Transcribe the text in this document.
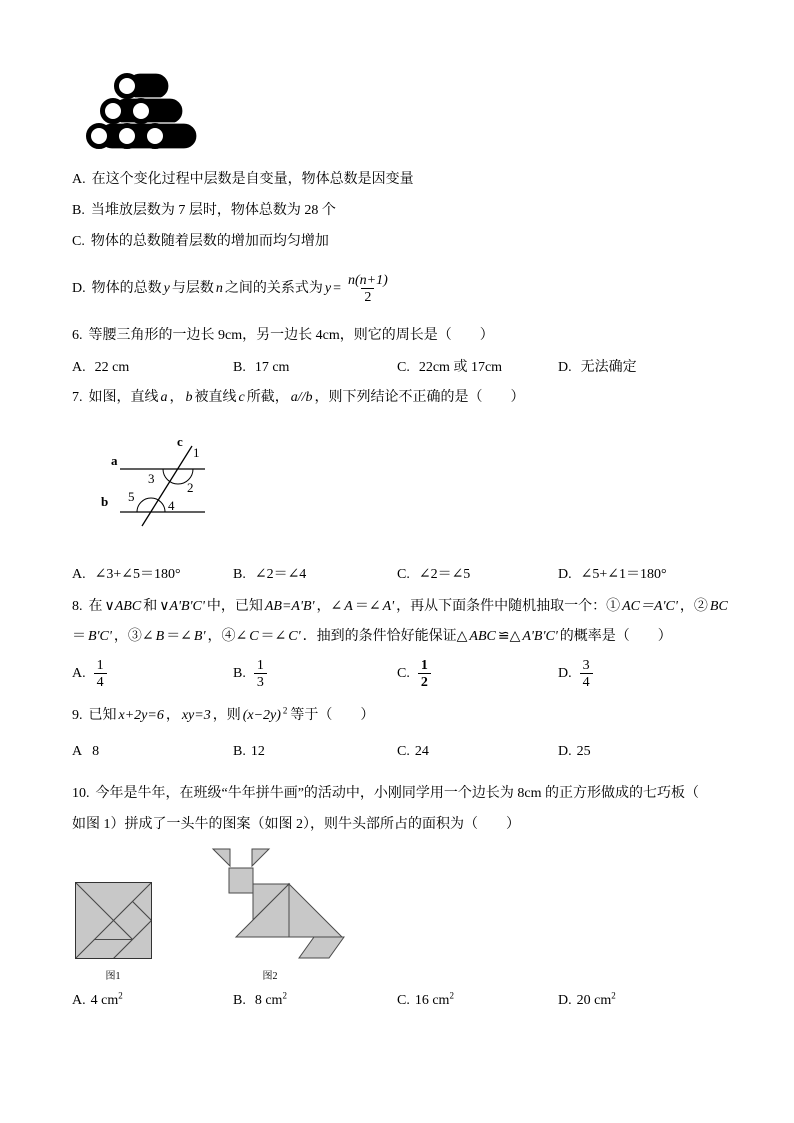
A. 在这个变化过程中层数是自变量，物体总数是因变量
B. 当堆放层数为 7 层时，物体总数为 28 个
C. 物体的总数随着层数的增加而均匀增加
D. 物体的总数 y 与层数 n 之间的关系式为 $y = \frac{n(n+1)}{2}$
6. 等腰三角形的一边长 9cm，另一边长 4cm，则它的周长是（　　）
A. 22 cm	B. 17 cm	C. 22cm 或 17cm	D. 无法确定
7. 如图，直线 a ， b 被直线 c 所截， a//b ，则下列结论不正确的是（　　）
c
1
a
3
2
b 5
4
A. ∠3+∠5＝180°	B. ∠2＝∠4	C. ∠2＝∠5	D. ∠5+∠1＝180°
8. 在 ∨ABC 和 ∨A'B'C' 中，已知 AB=A'B' ，∠ A ＝∠ A' ，再从下面条件中随机抽取一个：① AC＝A'C' ，② BC
＝ B'C' ，③∠ B ＝∠ B' ，④∠ C ＝∠ C' ．抽到的条件恰好能保证△ ABC ≌△ A'B'C' 的概率是（　　）
A. $\frac{1}{4}$	B. $\frac{1}{3}$	C. $\frac{1}{2}$	D. $\frac{3}{4}$
9. 已知 x+2y=6 ， xy=3 ，则 (x−2y) $^2$ 等于（　　）
A 8	B. 12	C. 24	D. 25
10. 今年是牛年，在班级“牛年拼牛画”的活动中，小刚同学用一个边长为 8cm 的正方形做成的七巧板（
如图 1）拼成了一头牛的图案（如图 2），则牛头部所占的面积为（　　）
图1	图2
A. 4 $cm^2$	B. 8 $cm^2$	C. 16 $cm^2$	D. 20 $cm^2$
